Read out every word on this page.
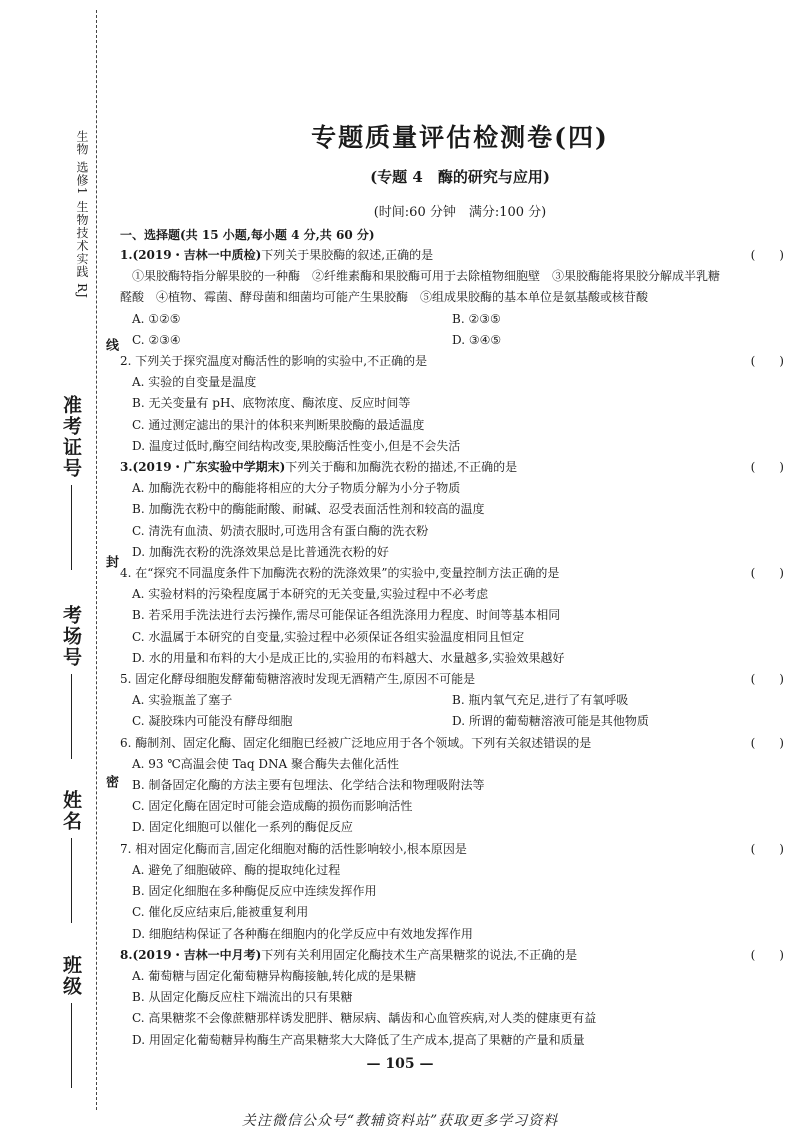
生物 选修1 生物技术实践 RJ
线
封
密
准考证号
考场号
姓名
班级
专题质量评估检测卷(四)
(专题 4　酶的研究与应用)
(时间:60 分钟　满分:100 分)
一、选择题(共 15 小题,每小题 4 分,共 60 分)
1.(2019・吉林一中质检)下列关于果胶酶的叙述,正确的是	(　　)
①果胶酶特指分解果胶的一种酶　②纤维素酶和果胶酶可用于去除植物细胞壁　③果胶酶能将果胶分解成半乳糖
醛酸　④植物、霉菌、酵母菌和细菌均可能产生果胶酶　⑤组成果胶酶的基本单位是氨基酸或核苷酸
A. ①②⑤	B. ②③⑤
C. ②③④	D. ③④⑤
2. 下列关于探究温度对酶活性的影响的实验中,不正确的是	(　　)
A. 实验的自变量是温度
B. 无关变量有 pH、底物浓度、酶浓度、反应时间等
C. 通过测定滤出的果汁的体积来判断果胶酶的最适温度
D. 温度过低时,酶空间结构改变,果胶酶活性变小,但是不会失活
3.(2019・广东实验中学期末)下列关于酶和加酶洗衣粉的描述,不正确的是	(　　)
A. 加酶洗衣粉中的酶能将相应的大分子物质分解为小分子物质
B. 加酶洗衣粉中的酶能耐酸、耐碱、忍受表面活性剂和较高的温度
C. 清洗有血渍、奶渍衣服时,可选用含有蛋白酶的洗衣粉
D. 加酶洗衣粉的洗涤效果总是比普通洗衣粉的好
4. 在“探究不同温度条件下加酶洗衣粉的洗涤效果”的实验中,变量控制方法正确的是	(　　)
A. 实验材料的污染程度属于本研究的无关变量,实验过程中不必考虑
B. 若采用手洗法进行去污操作,需尽可能保证各组洗涤用力程度、时间等基本相同
C. 水温属于本研究的自变量,实验过程中必须保证各组实验温度相同且恒定
D. 水的用量和布料的大小是成正比的,实验用的布料越大、水量越多,实验效果越好
5. 固定化酵母细胞发酵葡萄糖溶液时发现无酒精产生,原因不可能是	(　　)
A. 实验瓶盖了塞子	B. 瓶内氧气充足,进行了有氧呼吸
C. 凝胶珠内可能没有酵母细胞	D. 所谓的葡萄糖溶液可能是其他物质
6. 酶制剂、固定化酶、固定化细胞已经被广泛地应用于各个领域。下列有关叙述错误的是	(　　)
A. 93 ℃高温会使 Taq DNA 聚合酶失去催化活性
B. 制备固定化酶的方法主要有包埋法、化学结合法和物理吸附法等
C. 固定化酶在固定时可能会造成酶的损伤而影响活性
D. 固定化细胞可以催化一系列的酶促反应
7. 相对固定化酶而言,固定化细胞对酶的活性影响较小,根本原因是	(　　)
A. 避免了细胞破碎、酶的提取纯化过程
B. 固定化细胞在多种酶促反应中连续发挥作用
C. 催化反应结束后,能被重复利用
D. 细胞结构保证了各种酶在细胞内的化学反应中有效地发挥作用
8.(2019・吉林一中月考)下列有关利用固定化酶技术生产高果糖浆的说法,不正确的是	(　　)
A. 葡萄糖与固定化葡萄糖异构酶接触,转化成的是果糖
B. 从固定化酶反应柱下端流出的只有果糖
C. 高果糖浆不会像蔗糖那样诱发肥胖、糖尿病、龋齿和心血管疾病,对人类的健康更有益
D. 用固定化葡萄糖异构酶生产高果糖浆大大降低了生产成本,提高了果糖的产量和质量
— 105 —
关注微信公众号“教辅资料站”获取更多学习资料
